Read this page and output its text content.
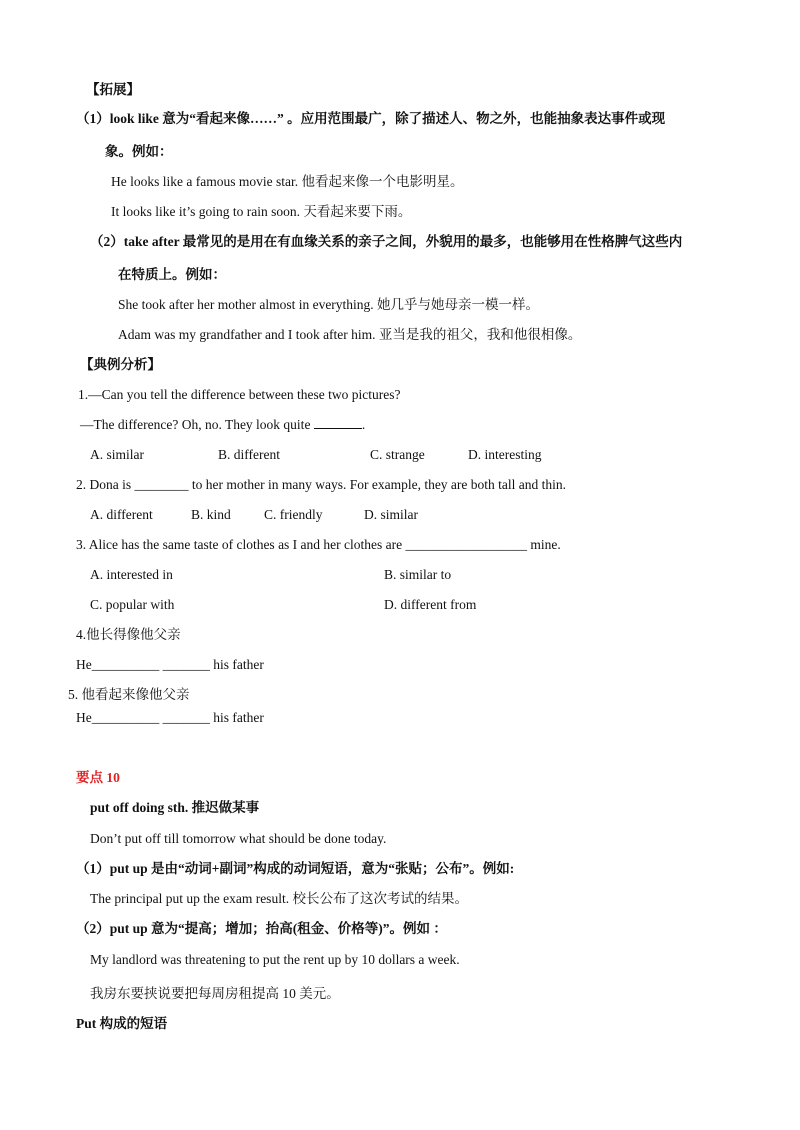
【拓展】
（1）look like 意为“看起来像……” 。应用范围最广，除了描述人、物之外，也能抽象表达事件或现
象。例如：
He looks like a famous movie star. 他看起来像一个电影明星。
It looks like it’s going to rain soon. 天看起来要下雨。
（2）take after 最常见的是用在有血缘关系的亲子之间，外貌用的最多，也能够用在性格脾气这些内
在特质上。例如：
She took after her mother almost in everything. 她几乎与她母亲一模一样。
Adam was my grandfather and I took after him. 亚当是我的祖父，我和他很相像。
【典例分析】
1.—Can you tell the difference between these two pictures?
—The difference? Oh, no. They look quite	.
A. similar	B. different	C. strange	D. interesting
2. Dona is ________ to her mother in many ways. For example, they are both tall and thin.
A. different	B. kind C. friendly	D. similar
3. Alice has the same taste of clothes as I and her clothes are __________________ mine.
A. interested in	B. similar to
C. popular with	D. different from
4.他长得像他父亲
He__________ _______ his father
5. 他看起来像他父亲
He__________ _______ his father
要点 10
put off doing sth. 推迟做某事
Don’t put off till tomorrow what should be done today.
（1）put up 是由“动词+副词”构成的动词短语，意为“张贴；公布”。例如:
The principal put up the exam result. 校长公布了这次考试的结果。
（2）put up 意为“提高；增加；抬高(租金、价格等)”。例如 ：
My landlord was threatening to put the rent up by 10 dollars a week.
我房东要挟说要把每周房租提高 10 美元。
Put 构成的短语
